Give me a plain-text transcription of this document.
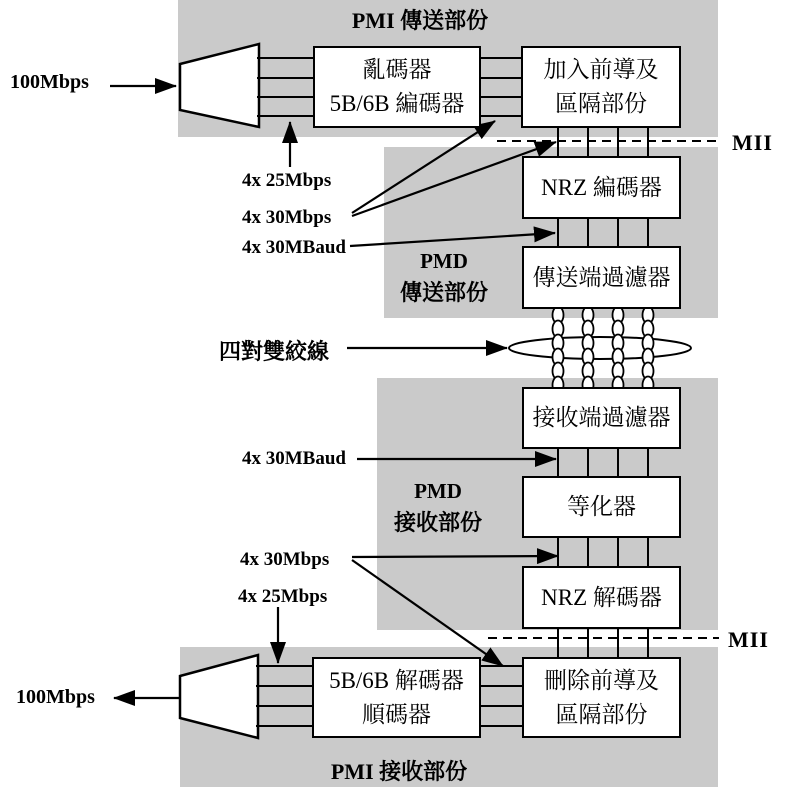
PMI 傳送部份
PMI 接收部份
PMD
傳送部份
PMD
接收部份
MII
MII
亂碼器
5B/6B 編碼器
加入前導及
區隔部份
NRZ 編碼器
傳送端過濾器
接收端過濾器
等化器
NRZ 解碼器
刪除前導及
區隔部份
5B/6B 解碼器
順碼器
100Mbps
100Mbps
4x 25Mbps
4x 30Mbps
4x 30MBaud
四對雙絞線
4x 30MBaud
4x 30Mbps
4x 25Mbps
